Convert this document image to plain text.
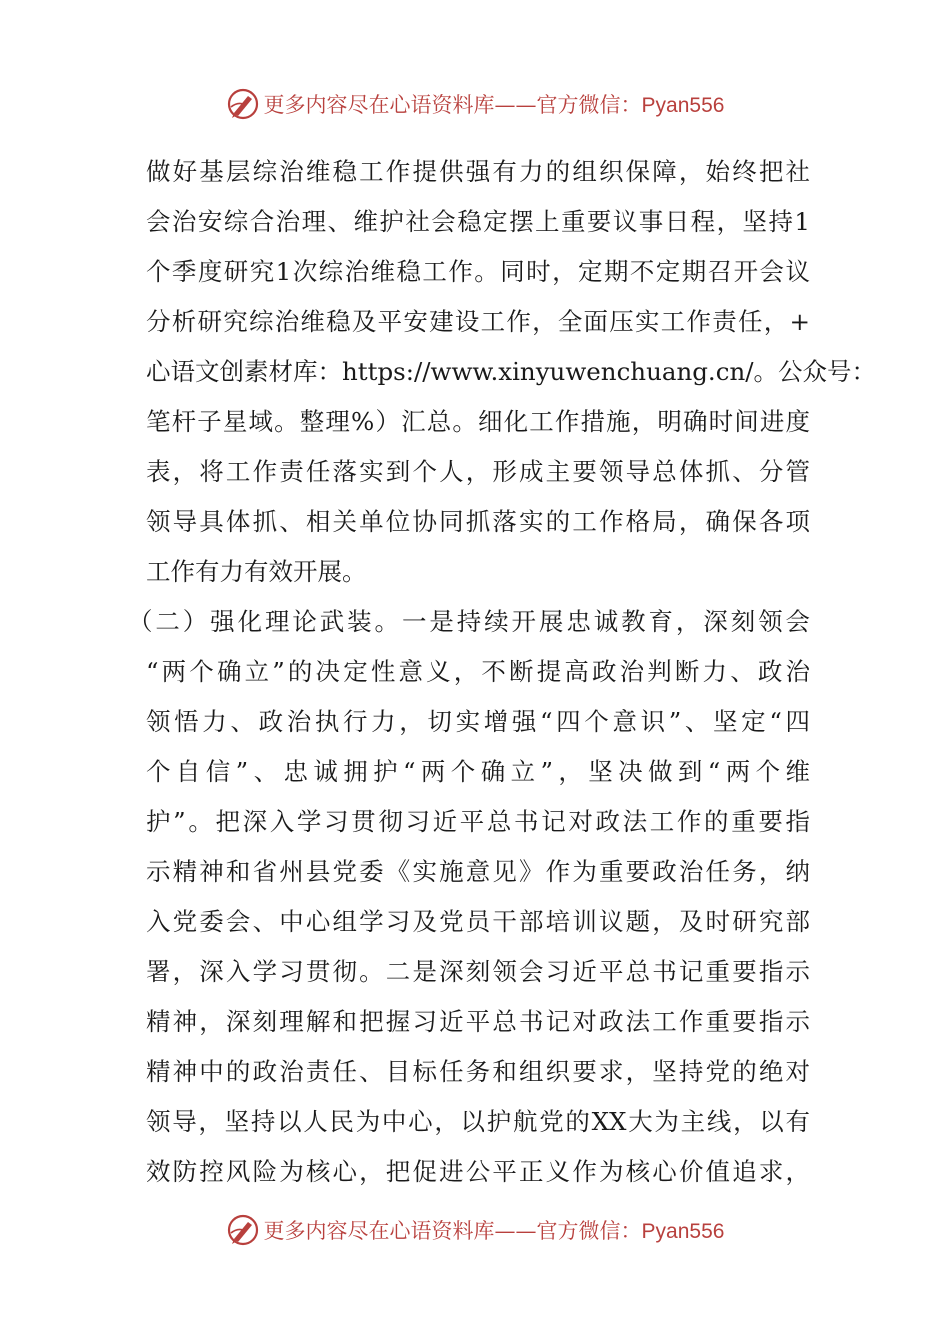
更多内容尽在心语资料库——官方微信：Pyan556
做好基层综治维稳工作提供强有力的组织保障，始终把社
会治安综合治理、维护社会稳定摆上重要议事日程，坚持1
个季度研究1次综治维稳工作。同时，定期不定期召开会议
分析研究综治维稳及平安建设工作，全面压实工作责任，+
心语文创素材库：https://www.xinyuwenchuang.cn/。公众号：
笔杆子星域。整理%）汇总。细化工作措施，明确时间进度
表，将工作责任落实到个人，形成主要领导总体抓、分管
领导具体抓、相关单位协同抓落实的工作格局，确保各项
工作有力有效开展。
（二）强化理论武装。一是持续开展忠诚教育，深刻领会
“两个确立”的决定性意义，不断提高政治判断力、政治
领悟力、政治执行力，切实增强“四个意识”、坚定“四
个自信”、忠诚拥护“两个确立”，坚决做到“两个维
护”。把深入学习贯彻习近平总书记对政法工作的重要指
示精神和省州县党委《实施意见》作为重要政治任务，纳
入党委会、中心组学习及党员干部培训议题，及时研究部
署，深入学习贯彻。二是深刻领会习近平总书记重要指示
精神，深刻理解和把握习近平总书记对政法工作重要指示
精神中的政治责任、目标任务和组织要求，坚持党的绝对
领导，坚持以人民为中心，以护航党的XX大为主线，以有
效防控风险为核心，把促进公平正义作为核心价值追求，
更多内容尽在心语资料库——官方微信：Pyan556
